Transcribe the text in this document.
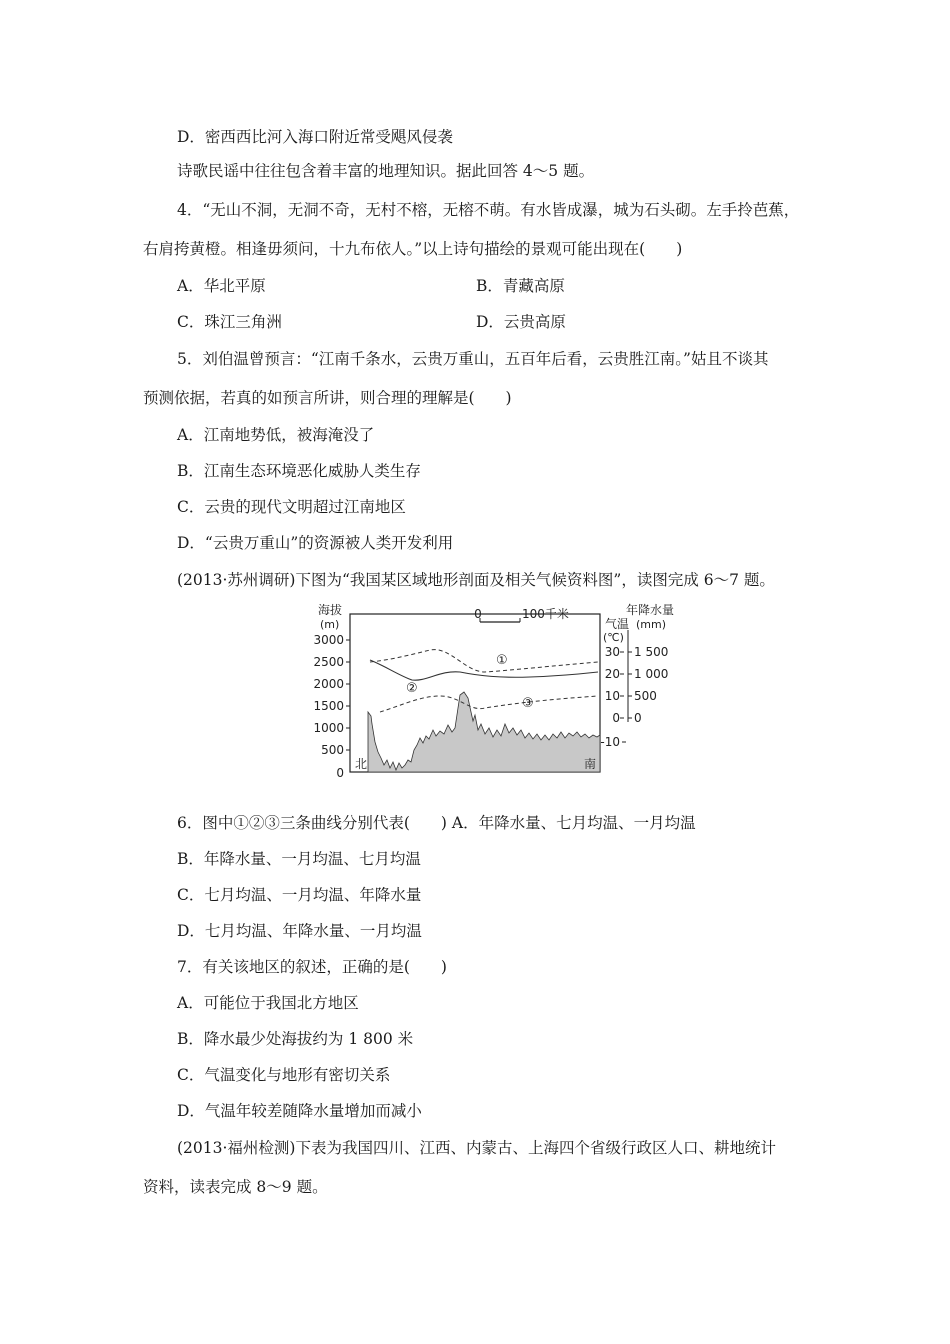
D．密西西比河入海口附近常受飓风侵袭
诗歌民谣中往往包含着丰富的地理知识。据此回答 4～5 题。
4．“无山不洞，无洞不奇，无村不榕，无榕不萌。有水皆成瀑，城为石头砌。左手拎芭蕉，
右肩挎黄橙。相逢毋须问，十九布依人。”以上诗句描绘的景观可能出现在(　　)
A．华北平原	B．青藏高原
C．珠江三角洲	D．云贵高原
5．刘伯温曾预言：“江南千条水，云贵万重山，五百年后看，云贵胜江南。”姑且不谈其
预测依据，若真的如预言所讲，则合理的理解是(　　)
A．江南地势低，被海淹没了
B．江南生态环境恶化威胁人类生存
C．云贵的现代文明超过江南地区
D．“云贵万重山”的资源被人类开发利用
(2013·苏州调研)下图为“我国某区域地形剖面及相关气候资料图”，读图完成 6～7 题。
海拔
(m)
3000
2500
2000
1500
1000
500
0
0	100千米
①
②
③
北	南
气温
(℃)
30
20
10
0
-10
年降水量
(mm)
1 500
1 000
500
0
6．图中①②③三条曲线分别代表(　　) A．年降水量、七月均温、一月均温
B．年降水量、一月均温、七月均温
C．七月均温、一月均温、年降水量
D．七月均温、年降水量、一月均温
7．有关该地区的叙述，正确的是(　　)
A．可能位于我国北方地区
B．降水最少处海拔约为 1 800 米
C．气温变化与地形有密切关系
D．气温年较差随降水量增加而减小
(2013·福州检测)下表为我国四川、江西、内蒙古、上海四个省级行政区人口、耕地统计
资料，读表完成 8～9 题。
